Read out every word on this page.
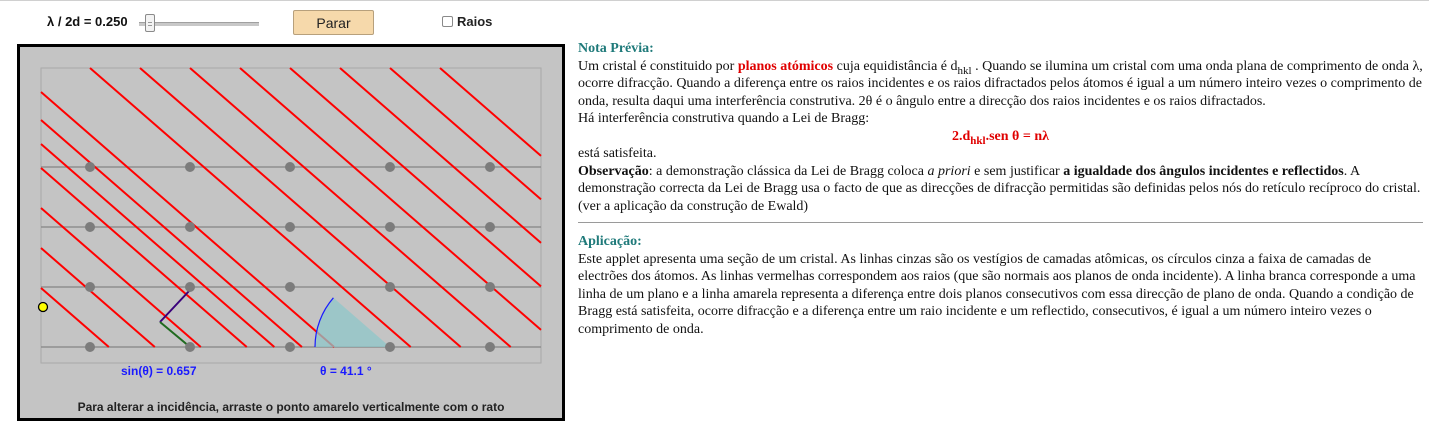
λ / 2d = 0.250	Parar	Raios
sin(θ) = 0.657	θ = 41.1 °
Para alterar a incidência, arraste o ponto amarelo verticalmente com o rato

Nota Prévia:

Um cristal é constituido por planos atómicos cuja equidistância é $d_{hkl}$ . Quando se ilumina um cristal com uma onda plana de comprimento de onda λ, ocorre difracção. Quando a diferença entre os raios incidentes e os raios difractados pelos átomos é igual a um número inteiro vezes o comprimento de onda, resulta daqui uma interferência construtiva. 2θ é o ângulo entre a direcção dos raios incidentes e os raios difractados.

Há interferência construtiva quando a Lei de Bragg:

$2.d_{hkl}.sen$ θ = nλ

está satisfeita.

Observação: a demonstração clássica da Lei de Bragg coloca a priori e sem justificar a igualdade dos ângulos incidentes e reflectidos. A demonstração correcta da Lei de Bragg usa o facto de que as direcções de difracção permitidas são definidas pelos nós do retículo recíproco do cristal. (ver a aplicação da construção de Ewald)

Aplicação:

Este applet apresenta uma seção de um cristal. As linhas cinzas são os vestígios de camadas atômicas, os círculos cinza a faixa de camadas de electrões dos átomos. As linhas vermelhas correspondem aos raios (que são normais aos planos de onda incidente). A linha branca corresponde a uma linha de um plano e a linha amarela representa a diferença entre dois planos consecutivos com essa direcção de plano de onda. Quando a condição de Bragg está satisfeita, ocorre difracção e a diferença entre um raio incidente e um reflectido, consecutivos, é igual a um número inteiro vezes o comprimento de onda.
